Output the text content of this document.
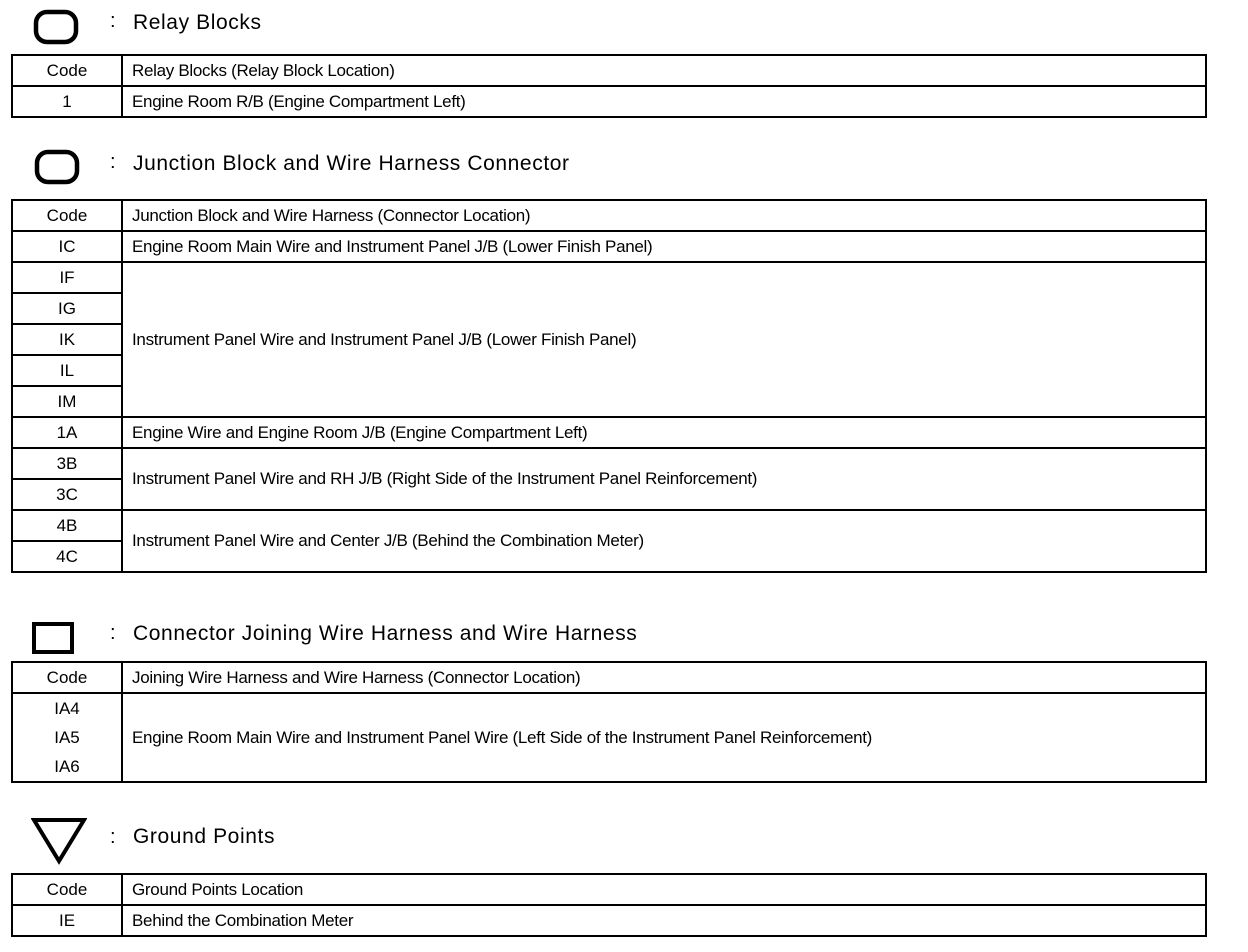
: Relay Blocks
Code	Relay Blocks (Relay Block Location)
1	Engine Room R/B (Engine Compartment Left)
: Junction Block and Wire Harness Connector
Code	Junction Block and Wire Harness (Connector Location)
IC	Engine Room Main Wire and Instrument Panel J/B (Lower Finish Panel)
IF	Instrument Panel Wire and Instrument Panel J/B (Lower Finish Panel)
IG	
IK	
IL	
IM	
1A	Engine Wire and Engine Room J/B (Engine Compartment Left)
3B	Instrument Panel Wire and RH J/B (Right Side of the Instrument Panel Reinforcement)
3C	
4B	Instrument Panel Wire and Center J/B (Behind the Combination Meter)
4C	
: Connector Joining Wire Harness and Wire Harness
Code	Joining Wire Harness and Wire Harness (Connector Location)
IA4	Engine Room Main Wire and Instrument Panel Wire (Left Side of the Instrument Panel Reinforcement)
IA5	
IA6	
: Ground Points
Code	Ground Points Location
IE	Behind the Combination Meter
